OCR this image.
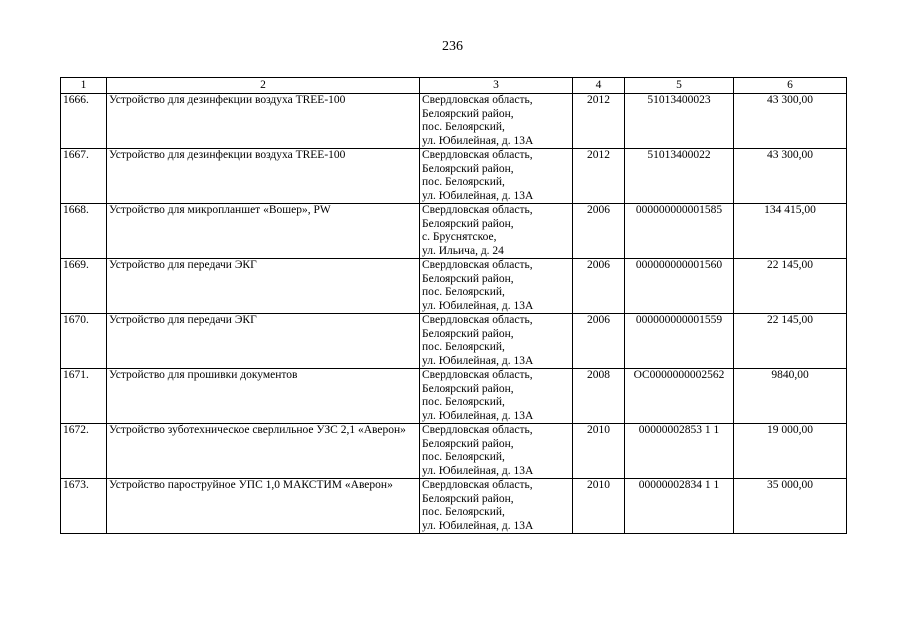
236
1	2	3	4	5	6
1666.	Устройство для дезинфекции воздуха TREE-100	Свердловская область,
Белоярский район,
пос. Белоярский,
ул. Юбилейная, д. 13А	2012	51013400023	43 300,00
1667.	Устройство для дезинфекции воздуха TREE-100	Свердловская область,
Белоярский район,
пос. Белоярский,
ул. Юбилейная, д. 13А	2012	51013400022	43 300,00
1668.	Устройство для микропланшет «Вошер», PW	Свердловская область,
Белоярский район,
с. Бруснятское,
ул. Ильича, д. 24	2006	000000000001585	134 415,00
1669.	Устройство для передачи ЭКГ	Свердловская область,
Белоярский район,
пос. Белоярский,
ул. Юбилейная, д. 13А	2006	000000000001560	22 145,00
1670.	Устройство для передачи ЭКГ	Свердловская область,
Белоярский район,
пос. Белоярский,
ул. Юбилейная, д. 13А	2006	000000000001559	22 145,00
1671.	Устройство для прошивки документов	Свердловская область,
Белоярский район,
пос. Белоярский,
ул. Юбилейная, д. 13А	2008	ОС0000000002562	9840,00
1672.	Устройство зуботехническое сверлильное УЗС 2,1 «Аверон»	Свердловская область,
Белоярский район,
пос. Белоярский,
ул. Юбилейная, д. 13А	2010	00000002853 1 1	19 000,00
1673.	Устройство пароструйное УПС 1,0 МАКСТИМ «Аверон»	Свердловская область,
Белоярский район,
пос. Белоярский,
ул. Юбилейная, д. 13А	2010	00000002834 1 1	35 000,00
